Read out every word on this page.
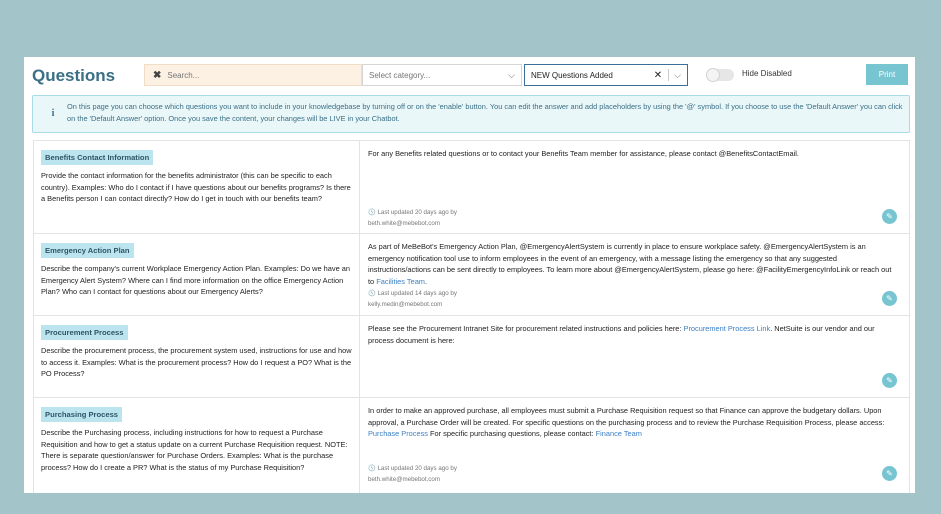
Questions	✖
Search...	Select category...	⌵ NEW Questions Added	✕ ⌵	Hide Disabled	Print
i
On this page you can choose which questions you want to include in your knowledgebase by turning off or on the 'enable' button. You can edit the answer and add placeholders by using the '@' symbol. If you choose to use the 'Default Answer' you can click on the 'Default Answer' option. Once you save the content, your changes will be LIVE in your Chatbot.
Benefits Contact Information
Provide the contact information for the benefits administrator (this can be specific to each country). Examples: Who do I contact if I have questions about our benefits programs? Is there a Benefits person I can contact directly? How do I get in touch with our benefits team?
For any Benefits related questions or to contact your Benefits Team member for assistance, please contact @BenefitsContactEmail.
🕓 Last updated 20 days ago by
beth.white@mebebot.com
✎
Emergency Action Plan
Describe the company's current Workplace Emergency Action Plan. Examples: Do we have an Emergency Alert System? Where can I find more information on the office Emergency Action Plan? Who can I contact for questions about our Emergency Alerts?
As part of MeBeBot's Emergency Action Plan, @EmergencyAlertSystem is currently in place to ensure workplace safety. @EmergencyAlertSystem is an emergency notification tool use to inform employees in the event of an emergency, with a message listing the emergency so that any suggested instructions/actions can be sent directly to employees. To learn more about @EmergencyAlertSystem, please go here: @FacilityEmergencyInfoLink or reach out to Facilities Team.
🕓 Last updated 14 days ago by
kelly.medin@mebebot.com
✎
Procurement Process
Describe the procurement process, the procurement system used, instructions for use and how to access it. Examples: What is the procurement process? How do I request a PO? What is the PO Process?
Please see the Procurement Intranet Site for procurement related instructions and policies here: Procurement Process Link. NetSuite is our vendor and our process document is here:
✎
Purchasing Process
Describe the Purchasing process, including instructions for how to request a Purchase Requisition and how to get a status update on a current Purchase Requisition request. NOTE: There is separate question/answer for Purchase Orders. Examples: What is the purchase process? How do I create a PR? What is the status of my Purchase Requisition?
In order to make an approved purchase, all employees must submit a Purchase Requisition request so that Finance can approve the budgetary dollars. Upon approval, a Purchase Order will be created. For specific questions on the purchasing process and to review the Purchase Requisition Process, please access: Purchase Process For specific purchasing questions, please contact: Finance Team
🕓 Last updated 20 days ago by
beth.white@mebebot.com
✎
